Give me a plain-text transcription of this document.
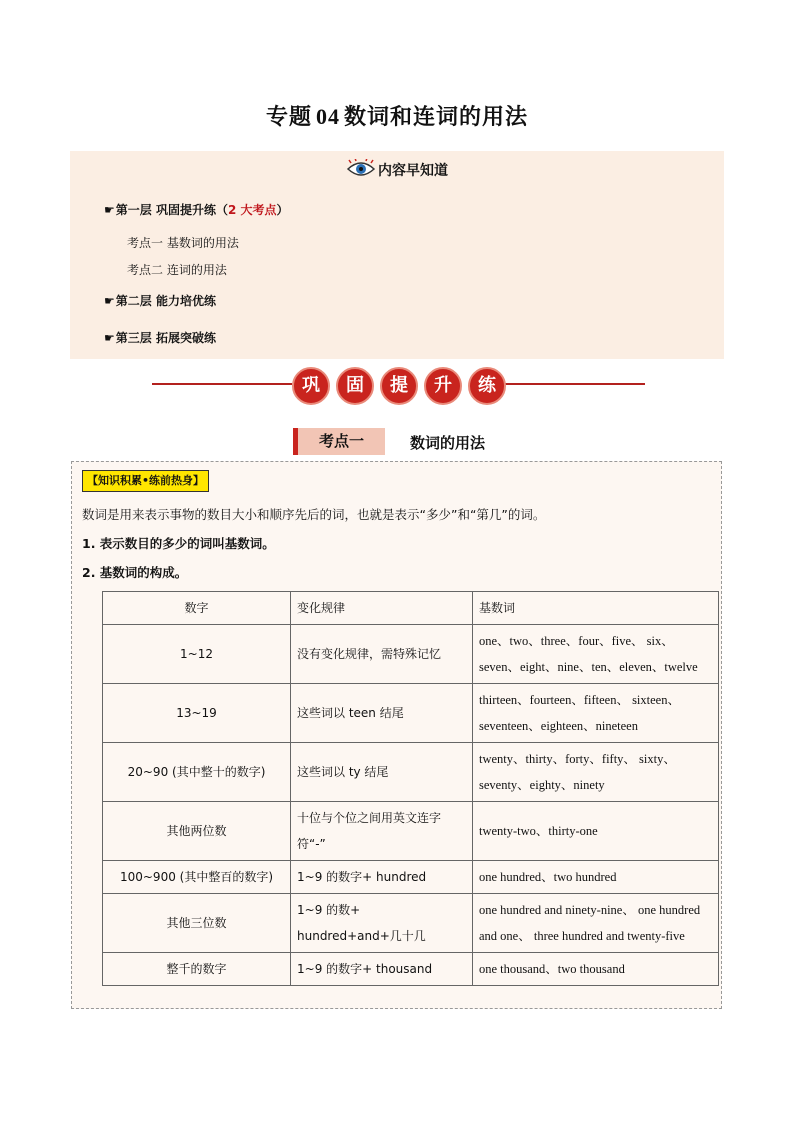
专题 04 数词和连词的用法
内容早知道
☛第一层 巩固提升练（2 大考点）
考点一 基数词的用法
考点二 连词的用法
☛第二层 能力培优练
☛第三层 拓展突破练
巩	固	提	升	练
考点一	数词的用法
【知识积累•练前热身】
数词是用来表示事物的数目大小和顺序先后的词，也就是表示“多少”和“第几”的词。
1. 表示数目的多少的词叫基数词。
2. 基数词的构成。
数字	变化规律	基数词
1~12	没有变化规律，需特殊记忆	one、two、three、four、five、 six、seven、eight、nine、ten、eleven、twelve
13~19	这些词以 teen 结尾	thirteen、fourteen、fifteen、 sixteen、seventeen、eighteen、nineteen
20~90 (其中整十的数字)	这些词以 ty 结尾	twenty、thirty、forty、fifty、 sixty、seventy、eighty、ninety
其他两位数	十位与个位之间用英文连字符“-”	twenty-two、thirty-one
100~900 (其中整百的数字)	1~9 的数字+ hundred	one hundred、two hundred
其他三位数	1~9 的数+ hundred+and+几十几	one hundred and ninety-nine、 one hundred and one、 three hundred and twenty-five
整千的数字	1~9 的数字+ thousand	one thousand、two thousand
